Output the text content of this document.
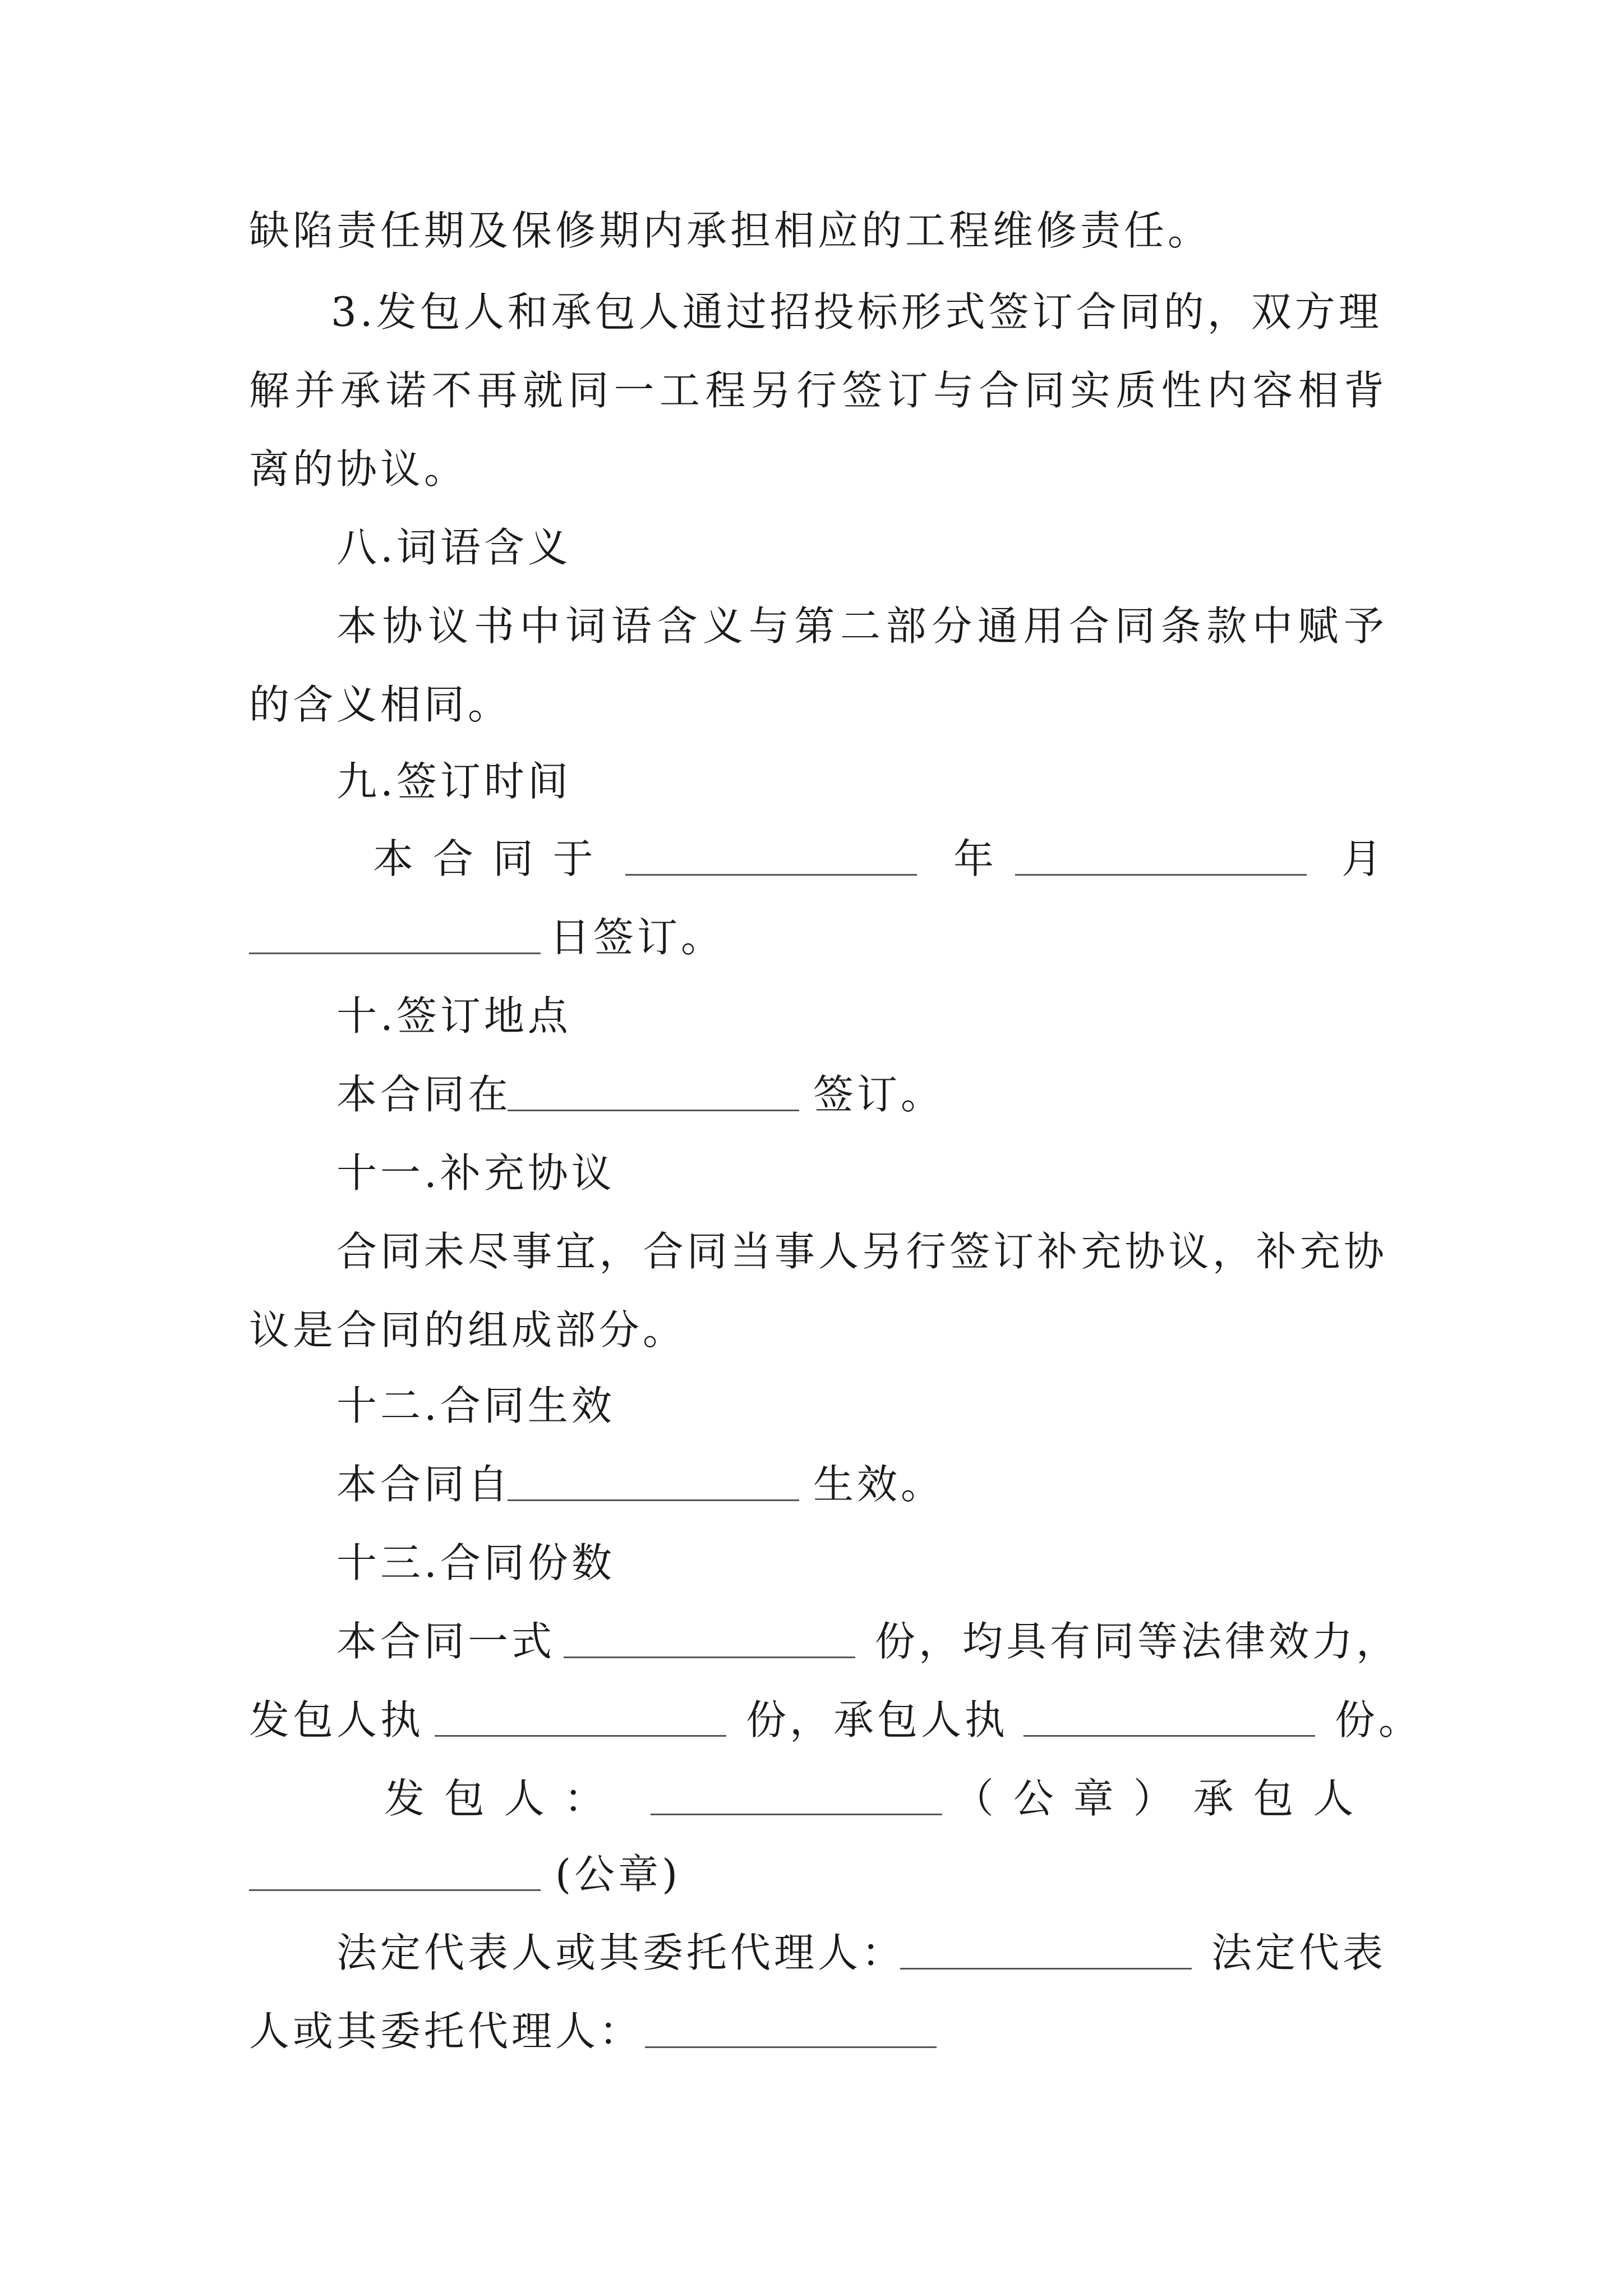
缺陷责任期及保修期内承担相应的工程维修责任。
3.发包人和承包人通过招投标形式签订合同的，双方理
解并承诺不再就同一工程另行签订与合同实质性内容相背
离的协议。
八.词语含义
本协议书中词语含义与第二部分通用合同条款中赋予
的含义相同。
九.签订时间
本 合 同 于	年	月
日签订。
十.签订地点
本合同在	签订。
十一.补充协议
合同未尽事宜，合同当事人另行签订补充协议，补充协
议是合同的组成部分。
十二.合同生效
本合同自	生效。
十三.合同份数
本合同一式	份，均具有同等法律效力，
发包人执	份，承包人执	份。
发 包 人 ：	（ 公 章 ） 承 包 人
(公章)
法定代表人或其委托代理人：	法定代表
人或其委托代理人：
